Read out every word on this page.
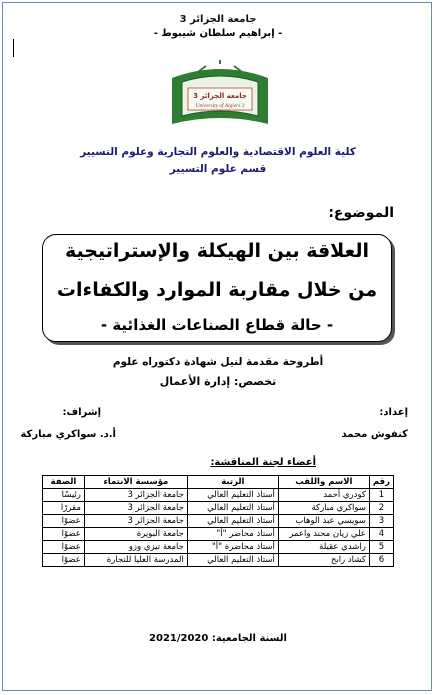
جامعة الجزائر 3
- إبراهيم سلطان شيبوط -
جامعة الجزائر 3
University of Algiers 3
كلية العلوم الاقتصادية والعلوم التجارية وعلوم التسيير
قسم علوم التسيير
الموضوع:
العلاقة بين الهيكلة والإستراتيجية
من خلال مقاربة الموارد والكفاءات
- حالة قطاع الصناعات الغذائية -
أطروحة مقدمة لنيل شهادة دكتوراه علوم
تخصص: إدارة الأعمال
إعداد:
كنفوش محمد
إشراف:
أ.د. سواكري مباركة
أعضاء لجنة المناقشة:
رقم	الاسم واللقب	الرتبة	مؤسسة الانتماء	الصفة
1	كودري أحمد	أستاذ التعليم العالي	جامعة الجزائر 3	رئيسًا
2	سواكري مباركة	أستاذ التعليم العالي	جامعة الجزائر 3	مقررًا
3	سويسي عبد الوهاب	أستاذ التعليم العالي	جامعة الجزائر 3	عضوًا
4	علي زيان محند واعمر	أستاذ محاضر "أ"	جامعة البويرة	عضوًا
5	راشدي عقيلة	أستاذ محاضرة "أ"	جامعة تيزي وزو	عضوًا
6	كشاد رابح	أستاذ التعليم العالي	المدرسة العليا للتجارة	عضوًا
السنة الجامعية: 2021/2020
